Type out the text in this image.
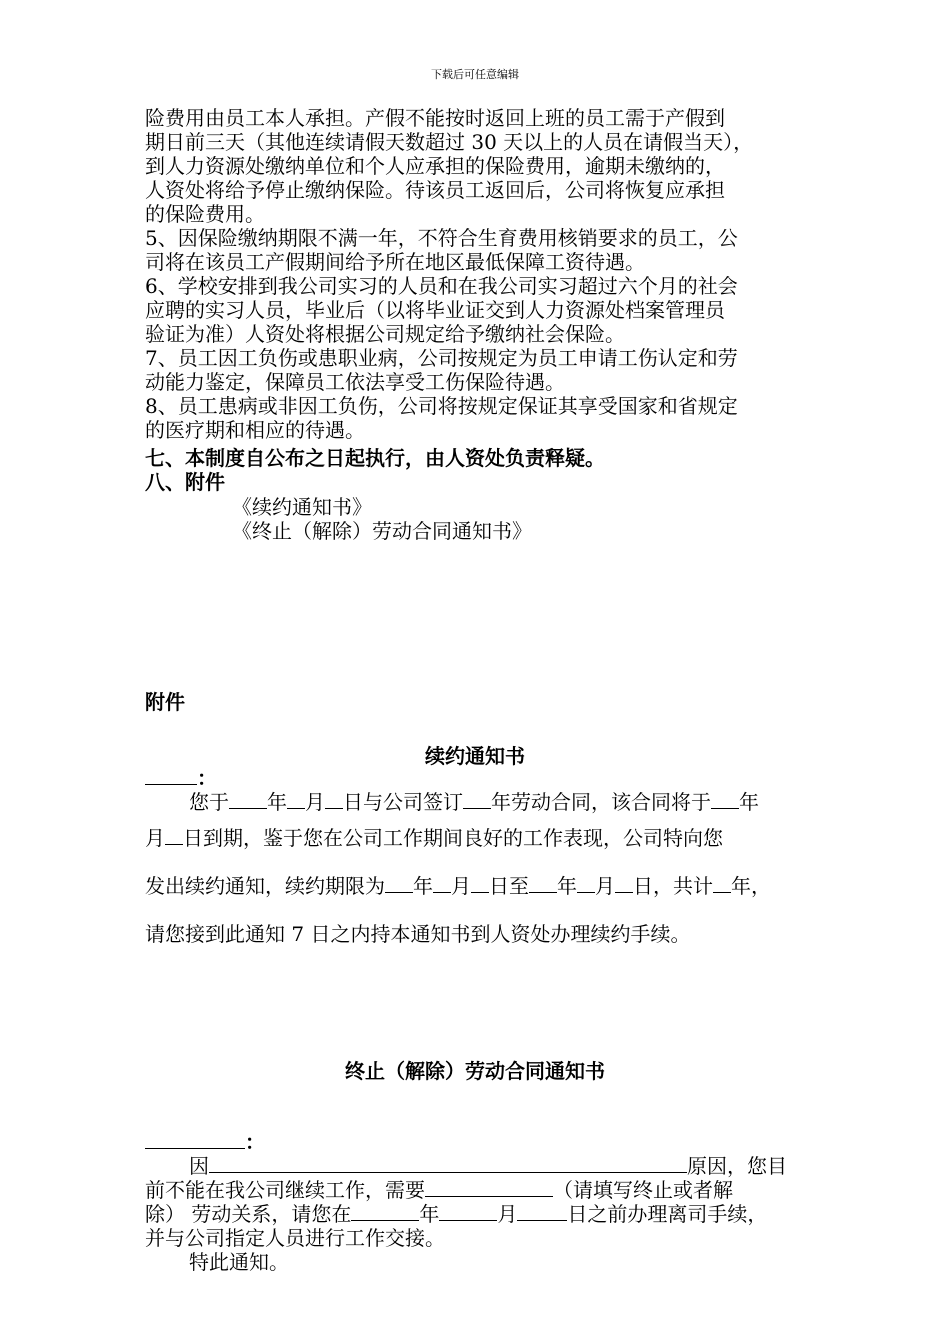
下载后可任意编辑
险费用由员工本人承担。产假不能按时返回上班的员工需于产假到
期日前三天（其他连续请假天数超过 30 天以上的人员在请假当天），
到人力资源处缴纳单位和个人应承担的保险费用，逾期未缴纳的，
人资处将给予停止缴纳保险。待该员工返回后，公司将恢复应承担
的保险费用。
5、因保险缴纳期限不满一年，不符合生育费用核销要求的员工，公
司将在该员工产假期间给予所在地区最低保障工资待遇。
6、学校安排到我公司实习的人员和在我公司实习超过六个月的社会
应聘的实习人员，毕业后（以将毕业证交到人力资源处档案管理员
验证为准）人资处将根据公司规定给予缴纳社会保险。
7、员工因工负伤或患职业病，公司按规定为员工申请工伤认定和劳
动能力鉴定，保障员工依法享受工伤保险待遇。
8、员工患病或非因工负伤，公司将按规定保证其享受国家和省规定
的医疗期和相应的待遇。
七、本制度自公布之日起执行，由人资处负责释疑。
八、附件
《续约通知书》
《终止（解除）劳动合同通知书》
附件
续约通知书
：
您于 年 月 日与公司签订 年劳动合同，该合同将于 年
月 日到期，鉴于您在公司工作期间良好的工作表现，公司特向您
发出续约通知，续约期限为 年 月 日至 年 月 日，共计 年，
请您接到此通知 7 日之内持本通知书到人资处办理续约手续。
终止（解除）劳动合同通知书
：
因	原因，您目
前不能在我公司继续工作，需要	（请填写终止或者解
除） 劳动关系，请您在	年	月	日之前办理离司手续，
并与公司指定人员进行工作交接。
特此通知。
